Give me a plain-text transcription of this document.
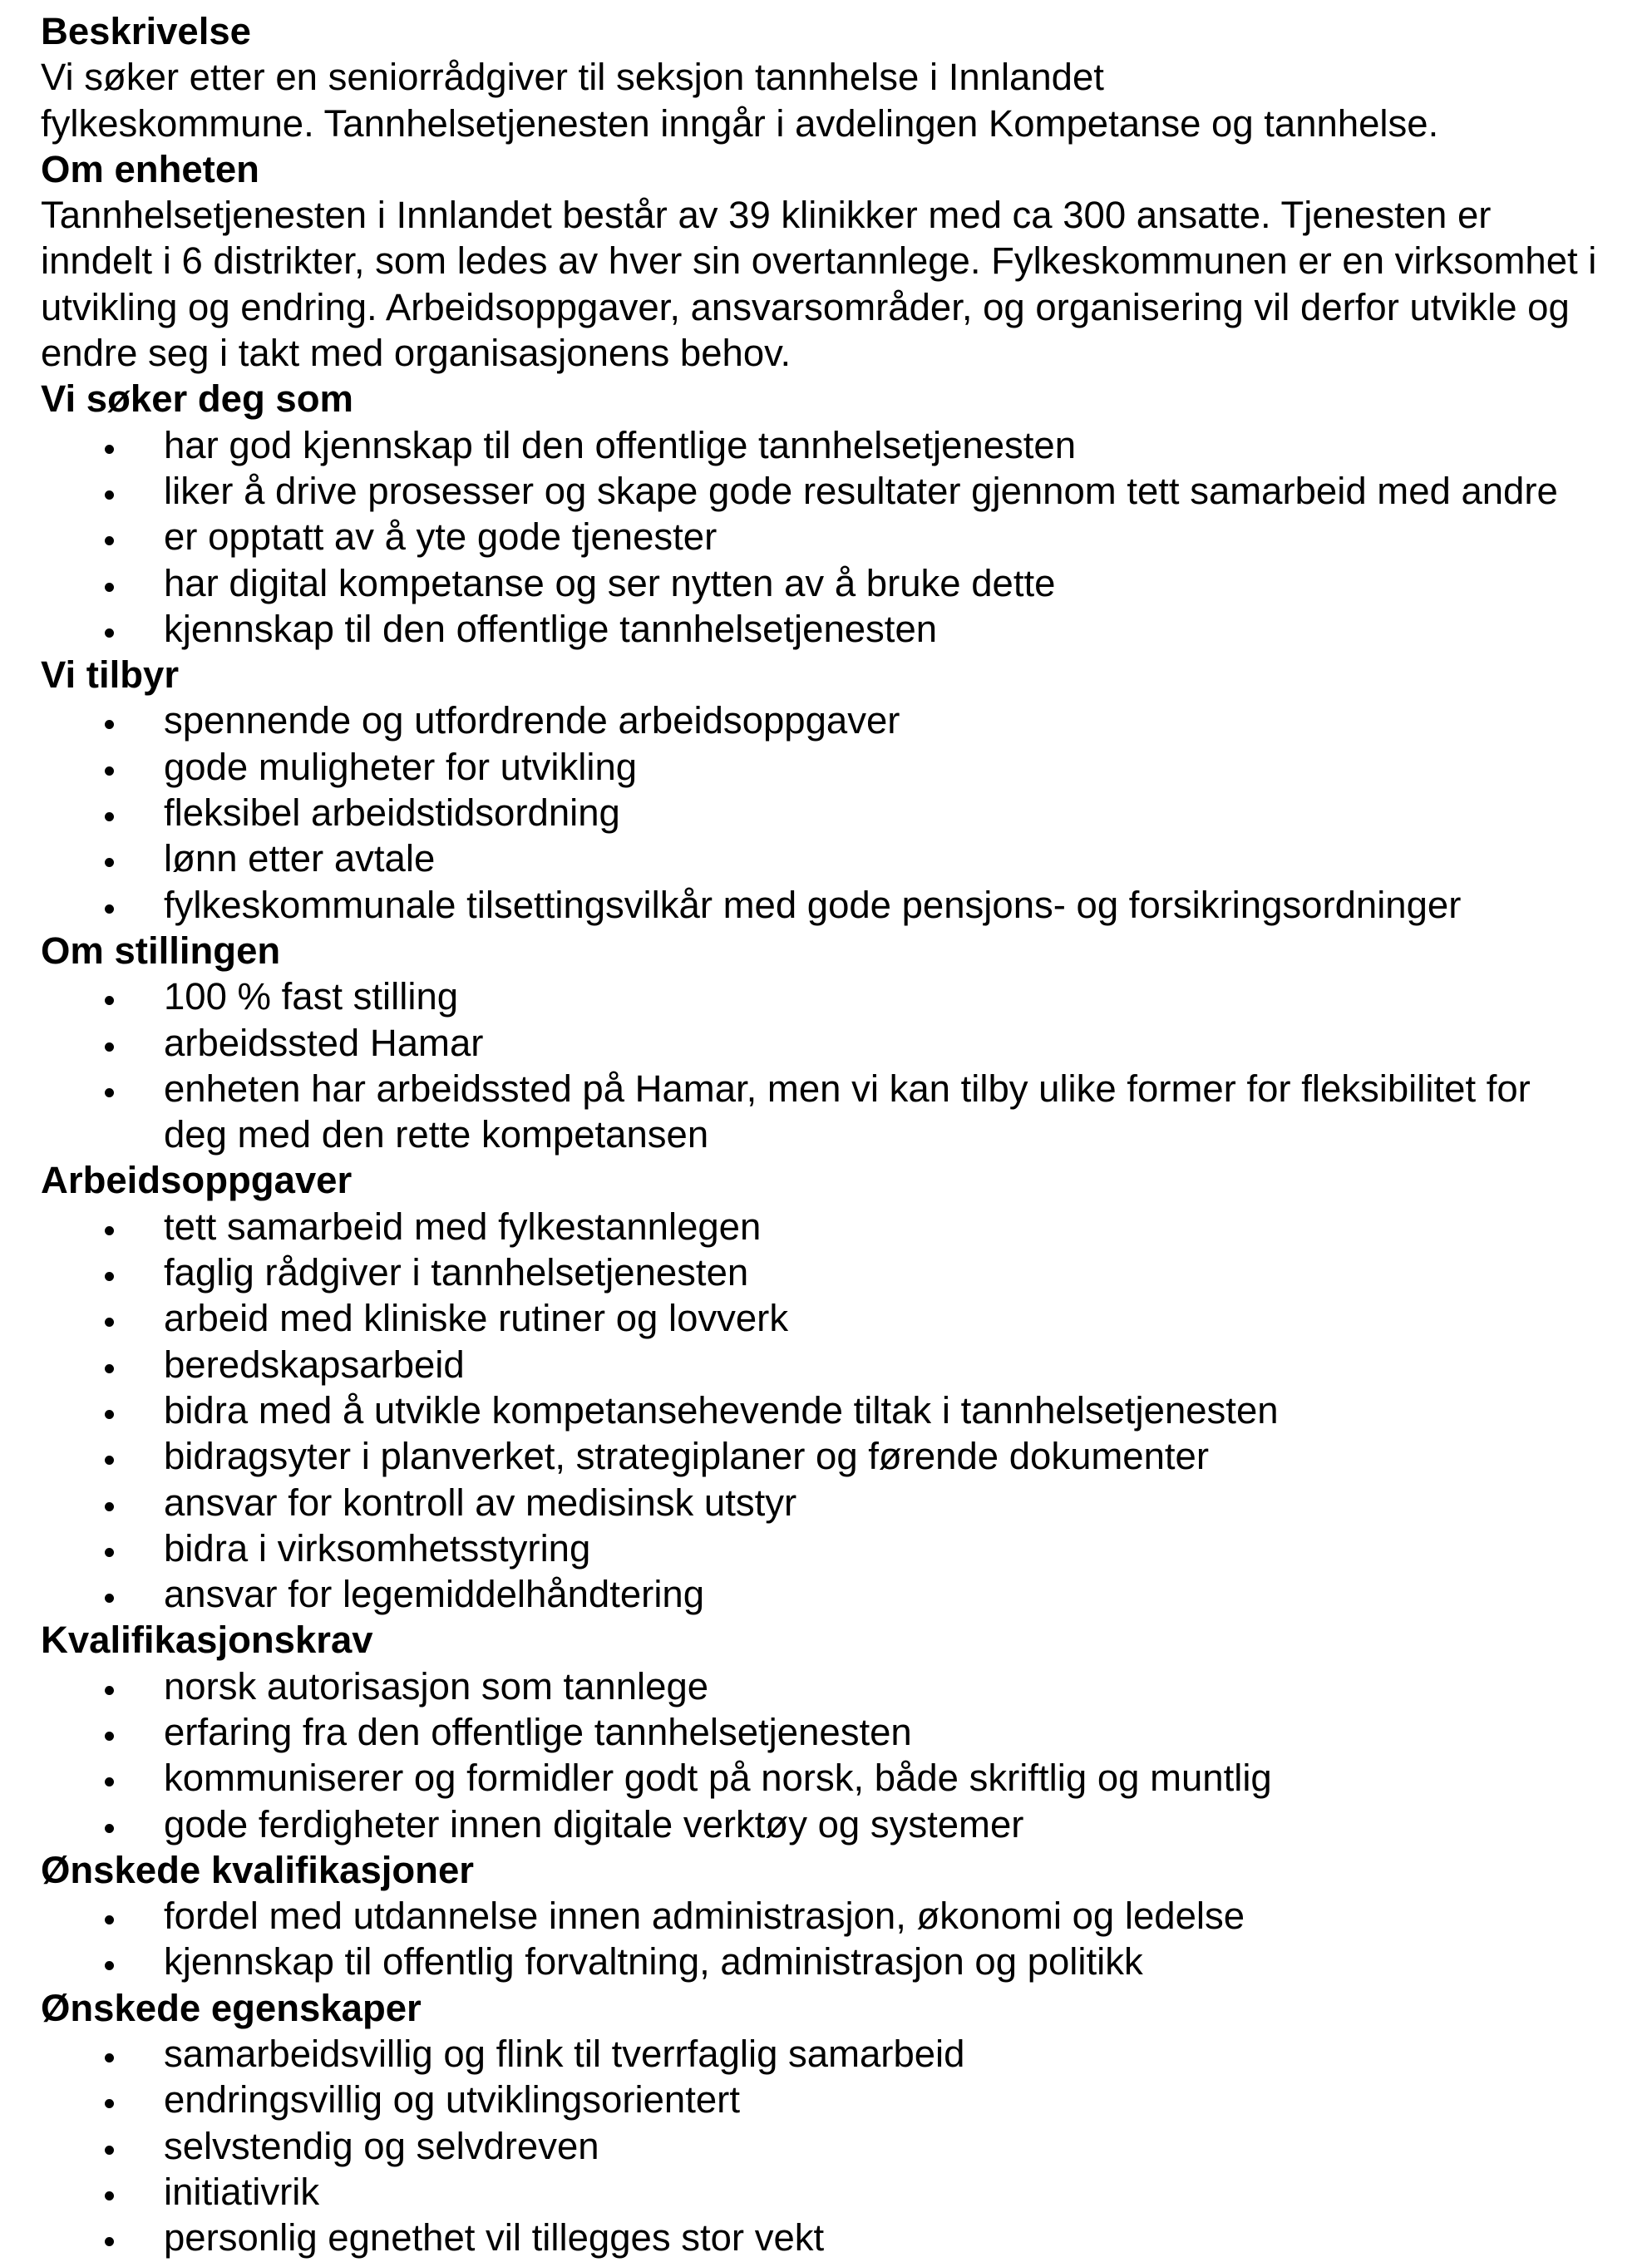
Beskrivelse

Vi søker etter en seniorrådgiver til seksjon tannhelse i Innlandet

fylkeskommune. Tannhelsetjenesten inngår i avdelingen Kompetanse og tannhelse.

Om enheten

Tannhelsetjenesten i Innlandet består av 39 klinikker med ca 300 ansatte. Tjenesten er

inndelt i 6 distrikter, som ledes av hver sin overtannlege. Fylkeskommunen er en virksomhet i

utvikling og endring. Arbeidsoppgaver, ansvarsområder, og organisering vil derfor utvikle og

endre seg i takt med organisasjonens behov.

Vi søker deg som
har god kjennskap til den offentlige tannhelsetjenesten
liker å drive prosesser og skape gode resultater gjennom tett samarbeid med andre
er opptatt av å yte gode tjenester
har digital kompetanse og ser nytten av å bruke dette
kjennskap til den offentlige tannhelsetjenesten
Vi tilbyr
spennende og utfordrende arbeidsoppgaver
gode muligheter for utvikling
fleksibel arbeidstidsordning
lønn etter avtale
fylkeskommunale tilsettingsvilkår med gode pensjons- og forsikringsordninger
Om stillingen
100 % fast stilling
arbeidssted Hamar
enheten har arbeidssted på Hamar, men vi kan tilby ulike former for fleksibilitet for deg med den rette kompetansen
Arbeidsoppgaver
tett samarbeid med fylkestannlegen
faglig rådgiver i tannhelsetjenesten
arbeid med kliniske rutiner og lovverk
beredskapsarbeid
bidra med å utvikle kompetansehevende tiltak i tannhelsetjenesten
bidragsyter i planverket, strategiplaner og førende dokumenter
ansvar for kontroll av medisinsk utstyr
bidra i virksomhetsstyring
ansvar for legemiddelhåndtering
Kvalifikasjonskrav
norsk autorisasjon som tannlege
erfaring fra den offentlige tannhelsetjenesten
kommuniserer og formidler godt på norsk, både skriftlig og muntlig
gode ferdigheter innen digitale verktøy og systemer
Ønskede kvalifikasjoner
fordel med utdannelse innen administrasjon, økonomi og ledelse
kjennskap til offentlig forvaltning, administrasjon og politikk
Ønskede egenskaper
samarbeidsvillig og flink til tverrfaglig samarbeid
endringsvillig og utviklingsorientert
selvstendig og selvdreven
initiativrik
personlig egnethet vil tillegges stor vekt
